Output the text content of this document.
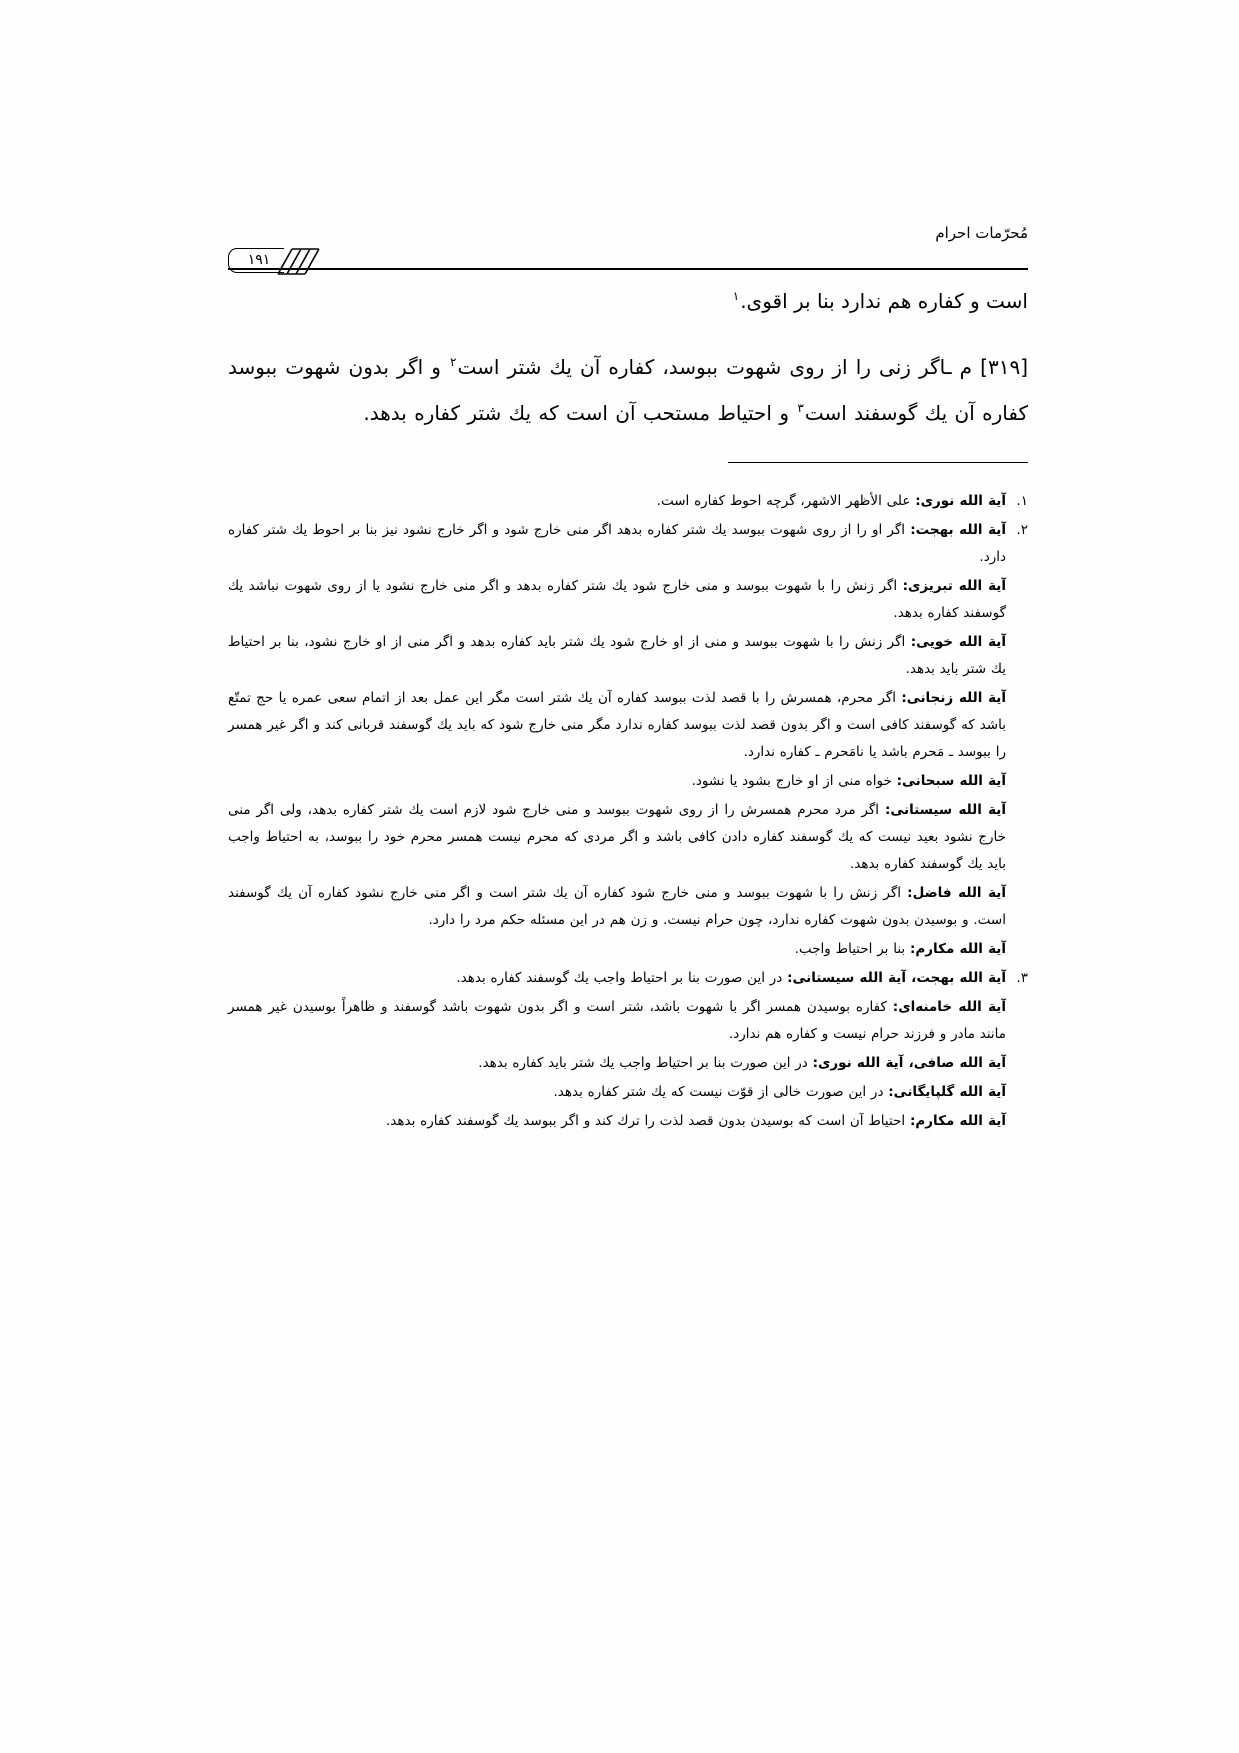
مُحرّمات احرام
۱۹۱

است و كفاره هم ندارد بنا بر اقوى.$^۱$

[۳۱۹] م ـاگر زنى را از روى شهوت ببوسد، كفاره آن يك شتر است$^۲$ و اگر بدون شهوت ببوسد كفاره آن يك گوسفند است$^۳$ و احتياط مستحب آن است كه يك شتر كفاره بدهد.

۱.
آية الله نورى: على الأظهر الاشهر، گرچه احوط كفاره است.
۲.
آية الله بهجت: اگر او را از روى شهوت ببوسد يك شتر كفاره بدهد اگر منى خارج شود و اگر خارج نشود نيز بنا بر احوط يك شتر كفاره دارد.
آية الله تبريزى: اگر زنش را با شهوت ببوسد و منى خارج شود يك شتر كفاره بدهد و اگر منى خارج نشود يا از روى شهوت نباشد يك گوسفند كفاره بدهد.
آية الله خويى: اگر زنش را با شهوت ببوسد و منى از او خارج شود يك شتر بايد كفاره بدهد و اگر منى از او خارج نشود، بنا بر احتياط يك شتر بايد بدهد.
آية الله زنجانى: اگر محرم، همسرش را با قصد لذت ببوسد كفاره آن يك شتر است مگر اين عمل بعد از اتمام سعى عمره يا حج تمتّع باشد كه گوسفند كافى است و اگر بدون قصد لذت ببوسد كفاره ندارد مگر منى خارج شود كه بايد يك گوسفند قربانى كند و اگر غير همسر را ببوسد ـ مَحرم باشد يا نامَحرم ـ كفاره ندارد.
آية الله سبحانى: خواه منى از او خارج بشود يا نشود.
آية الله سيستانى: اگر مرد محرم همسرش را از روى شهوت ببوسد و منى خارج شود لازم است يك شتر كفاره بدهد، ولى اگر منى خارج نشود بعيد نيست كه يك گوسفند كفاره دادن كافى باشد و اگر مردى كه محرم نيست همسر محرم خود را ببوسد، به احتياط واجب بايد يك گوسفند كفاره بدهد.
آية الله فاضل: اگر زنش را با شهوت ببوسد و منى خارج شود كفاره آن يك شتر است و اگر منى خارج نشود كفاره آن يك گوسفند است. و بوسيدن بدون شهوت كفاره ندارد، چون حرام نيست. و زن هم در اين مسئله حكم مرد را دارد.
آية الله مكارم: بنا بر احتياط واجب.
۳.
آية الله بهجت، آية الله سيستانى: در اين صورت بنا بر احتياط واجب يك گوسفند كفاره بدهد.
آية الله خامنه‌اى: كفاره بوسيدن همسر اگر با شهوت باشد، شتر است و اگر بدون شهوت باشد گوسفند و ظاهراً بوسيدن غير همسر مانند مادر و فرزند حرام نيست و كفاره هم ندارد.
آية الله صافى، آية الله نورى: در اين صورت بنا بر احتياط واجب يك شتر بايد كفاره بدهد.
آية الله گلپايگانى: در اين صورت خالى از قوّت نيست كه يك شتر كفاره بدهد.
آية الله مكارم: احتياط آن است كه بوسيدن بدون قصد لذت را ترك كند و اگر ببوسد يك گوسفند كفاره بدهد.
